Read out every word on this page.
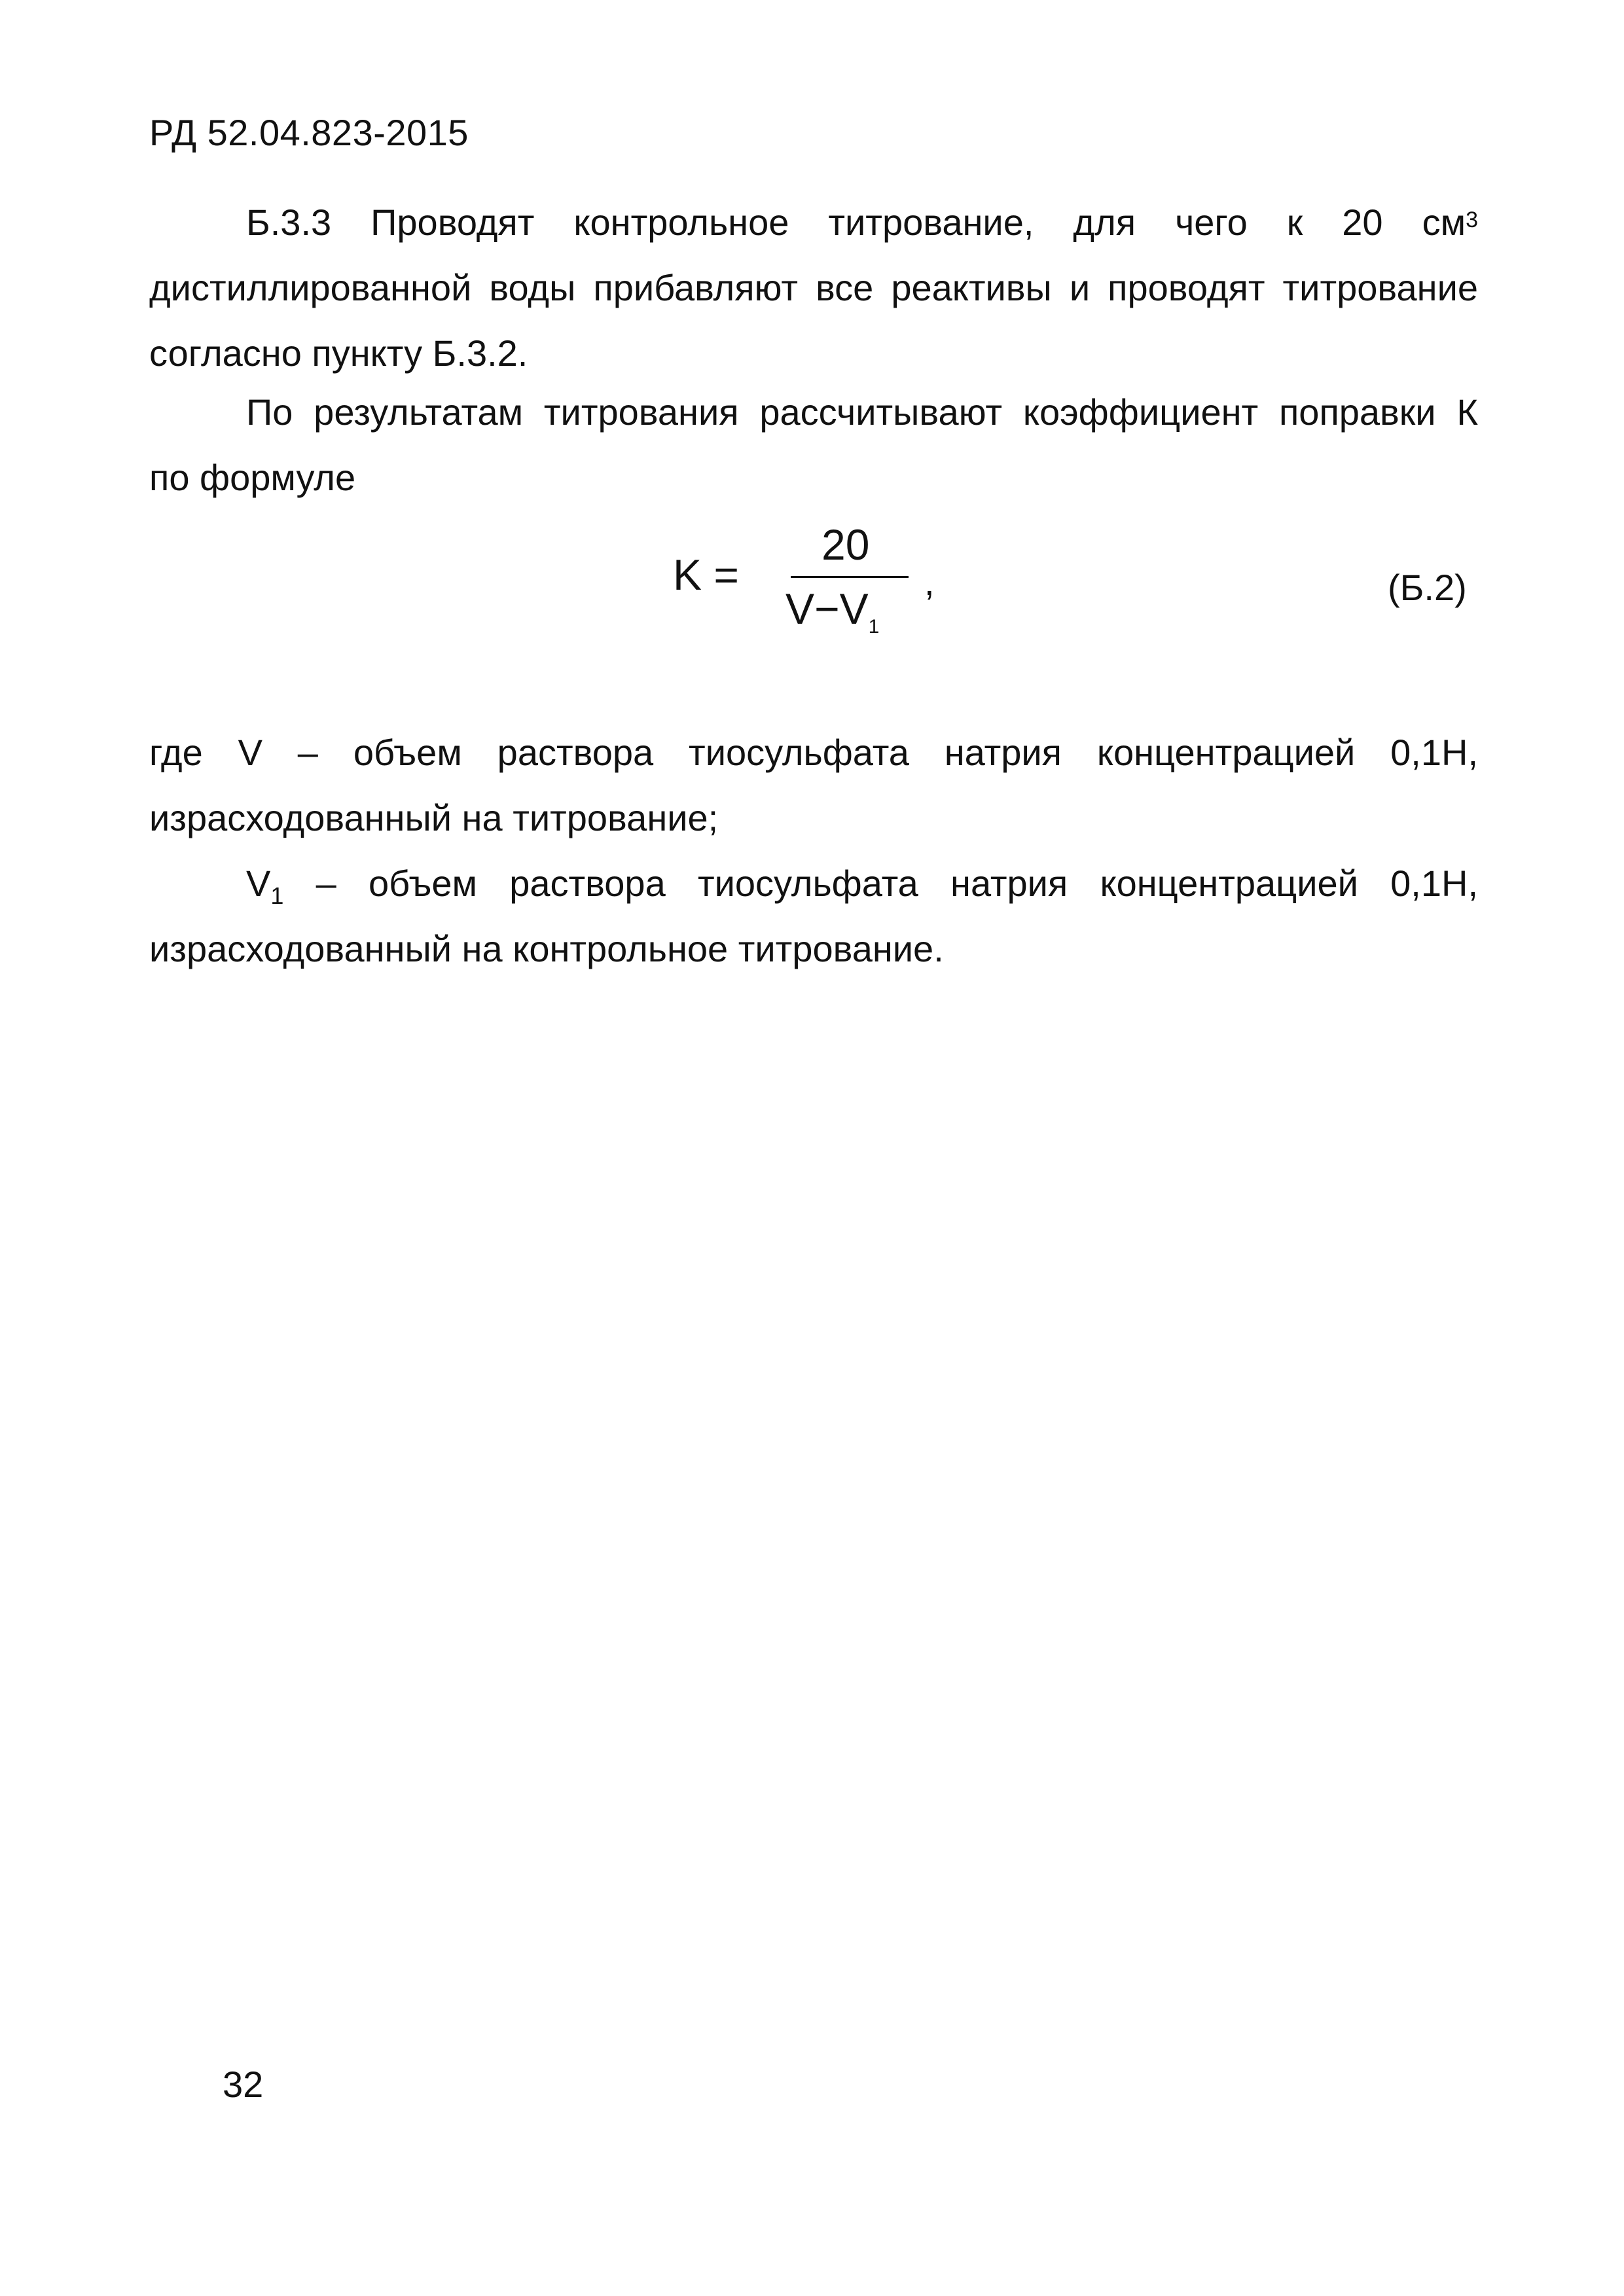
РД 52.04.823-2015
Б.3.3 Проводят контрольное титрование, для чего к 20 $см^3$
дистиллированной воды прибавляют все реактивы и проводят титрование
согласно пункту Б.3.2.
По результатам титрования рассчитывают коэффициент поправки К
по формуле
K =
20
$V-V_1$
,	(Б.2)
где V – объем раствора тиосульфата натрия концентрацией 0,1Н,
израсходованный на титрование;
$V_1$ – объем раствора тиосульфата натрия концентрацией 0,1Н,
израсходованный на контрольное титрование.
32
